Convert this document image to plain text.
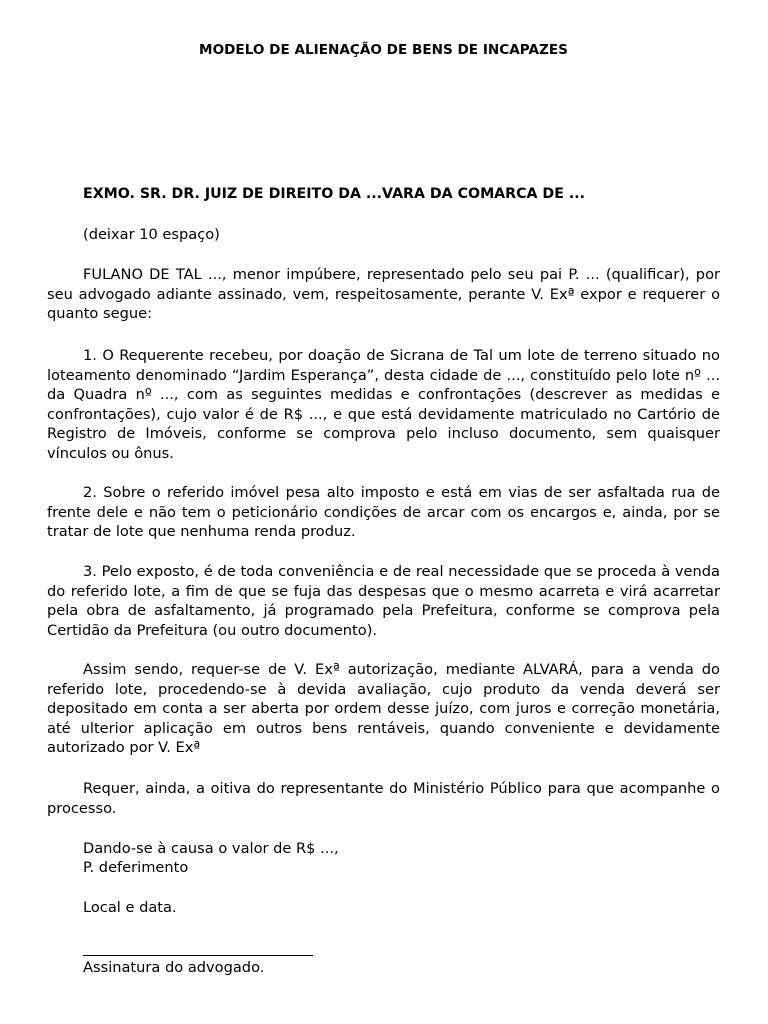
MODELO DE ALIENAÇÃO DE BENS DE INCAPAZES
EXMO. SR. DR. JUIZ DE DIREITO DA ...VARA DA COMARCA DE ...
(deixar 10 espaço)

FULANO DE TAL ..., menor impúbere, representado pelo seu pai P. ... (qualificar), por seu advogado adiante assinado, vem, respeitosamente, perante V. Exª expor e requerer o quanto segue:

1. O Requerente recebeu, por doação de Sicrana de Tal um lote de terreno situado no loteamento denominado “Jardim Esperança”, desta cidade de ..., constituído pelo lote nº ... da Quadra nº ..., com as seguintes medidas e confrontações (descrever as medidas e confrontações), cujo valor é de R$ ..., e que está devidamente matriculado no Cartório de Registro de Imóveis, conforme se comprova pelo incluso documento, sem quaisquer vínculos ou ônus.

2. Sobre o referido imóvel pesa alto imposto e está em vias de ser asfaltada rua de frente dele e não tem o peticionário condições de arcar com os encargos e, ainda, por se tratar de lote que nenhuma renda produz.

3. Pelo exposto, é de toda conveniência e de real necessidade que se proceda à venda do referido lote, a fim de que se fuja das despesas que o mesmo acarreta e virá acarretar pela obra de asfaltamento, já programado pela Prefeitura, conforme se comprova pela Certidão da Prefeitura (ou outro documento).

Assim sendo, requer-se de V. Exª autorização, mediante ALVARÁ, para a venda do referido lote, procedendo-se à devida avaliação, cujo produto da venda deverá ser depositado em conta a ser aberta por ordem desse juízo, com juros e correção monetária, até ulterior aplicação em outros bens rentáveis, quando conveniente e devidamente autorizado por V. Exª

Requer, ainda, a oitiva do representante do Ministério Público para que acompanhe o processo.

Dando-se à causa o valor de R$ ...,
P. deferimento
Local e data.
Assinatura do advogado.
